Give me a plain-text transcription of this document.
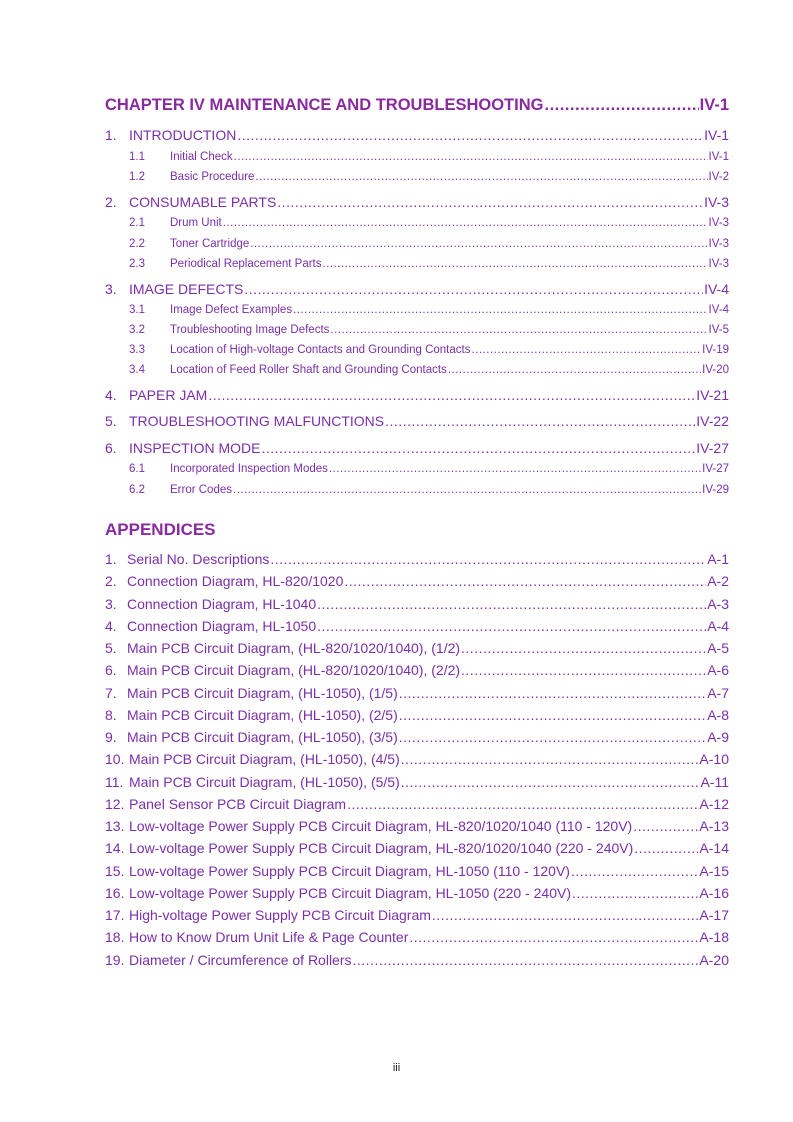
CHAPTER IV MAINTENANCE AND TROUBLESHOOTING .....	IV-1
1. INTRODUCTION .....	IV-1
1.1	Initial Check .....	IV-1
1.2	Basic Procedure .....	IV-2
2. CONSUMABLE PARTS .....	IV-3
2.1	Drum Unit .....	IV-3
2.2	Toner Cartridge .....	IV-3
2.3	Periodical Replacement Parts .....	IV-3
3. IMAGE DEFECTS .....	IV-4
3.1	Image Defect Examples .....	IV-4
3.2	Troubleshooting Image Defects .....	IV-5
3.3	Location of High-voltage Contacts and Grounding Contacts .....	IV-19
3.4	Location of Feed Roller Shaft and Grounding Contacts .....	IV-20
4. PAPER JAM .....	IV-21
5. TROUBLESHOOTING MALFUNCTIONS .....	IV-22
6. INSPECTION MODE .....	IV-27
6.1	Incorporated Inspection Modes .....	IV-27
6.2	Error Codes .....	IV-29
APPENDICES
1. Serial No. Descriptions .....	A-1
2. Connection Diagram, HL-820/1020 .....	A-2
3. Connection Diagram, HL-1040 .....	A-3
4. Connection Diagram, HL-1050 .....	A-4
5. Main PCB Circuit Diagram, (HL-820/1020/1040), (1/2) .....	A-5
6. Main PCB Circuit Diagram, (HL-820/1020/1040), (2/2) .....	A-6
7. Main PCB Circuit Diagram, (HL-1050), (1/5) .....	A-7
8. Main PCB Circuit Diagram, (HL-1050), (2/5) .....	A-8
9. Main PCB Circuit Diagram, (HL-1050), (3/5) .....	A-9
10. Main PCB Circuit Diagram, (HL-1050), (4/5) .....	A-10
11. Main PCB Circuit Diagram, (HL-1050), (5/5) .....	A-11
12. Panel Sensor PCB Circuit Diagram .....	A-12
13. Low-voltage Power Supply PCB Circuit Diagram, HL-820/1020/1040 (110 - 120V) .....	A-13
14. Low-voltage Power Supply PCB Circuit Diagram, HL-820/1020/1040 (220 - 240V) .....	A-14
15. Low-voltage Power Supply PCB Circuit Diagram, HL-1050 (110 - 120V) .....	A-15
16. Low-voltage Power Supply PCB Circuit Diagram, HL-1050 (220 - 240V) .....	A-16
17. High-voltage Power Supply PCB Circuit Diagram .....	A-17
18. How to Know Drum Unit Life & Page Counter .....	A-18
19. Diameter / Circumference of Rollers .....	A-20
iii
